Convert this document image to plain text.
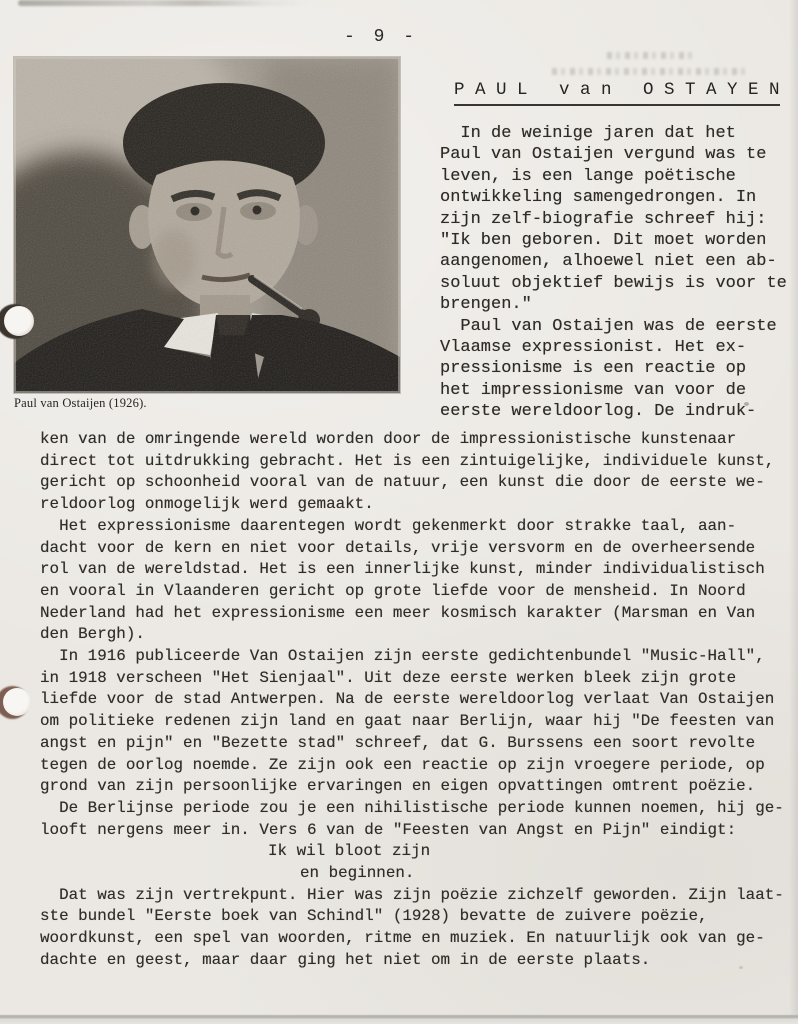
- 9 -
Paul van Ostaijen (1926).
P A U L   v a n   O S T A Y E N
In de weinige jaren dat het
Paul van Ostaijen vergund was te
leven, is een lange poëtische
ontwikkeling samengedrongen. In
zijn zelf-biografie schreef hij:
"Ik ben geboren. Dit moet worden
aangenomen, alhoewel niet een ab-
soluut objektief bewijs is voor te
brengen."
Paul van Ostaijen was de eerste
Vlaamse expressionist. Het ex-
pressionisme is een reactie op
het impressionisme van voor de
eerste wereldoorlog. De indruk-
ken van de omringende wereld worden door de impressionistische kunstenaar
direct tot uitdrukking gebracht. Het is een zintuigelijke, individuele kunst,
gericht op schoonheid vooral van de natuur, een kunst die door de eerste we-
reldoorlog onmogelijk werd gemaakt.
Het expressionisme daarentegen wordt gekenmerkt door strakke taal, aan-
dacht voor de kern en niet voor details, vrije versvorm en de overheersende
rol van de wereldstad. Het is een innerlijke kunst, minder individualistisch
en vooral in Vlaanderen gericht op grote liefde voor de mensheid. In Noord
Nederland had het expressionisme een meer kosmisch karakter (Marsman en Van
den Bergh).
In 1916 publiceerde Van Ostaijen zijn eerste gedichtenbundel "Music-Hall",
in 1918 verscheen "Het Sienjaal". Uit deze eerste werken bleek zijn grote
liefde voor de stad Antwerpen. Na de eerste wereldoorlog verlaat Van Ostaijen
om politieke redenen zijn land en gaat naar Berlijn, waar hij "De feesten van
angst en pijn" en "Bezette stad" schreef, dat G. Burssens een soort revolte
tegen de oorlog noemde. Ze zijn ook een reactie op zijn vroegere periode, op
grond van zijn persoonlijke ervaringen en eigen opvattingen omtrent poëzie.
De Berlijnse periode zou je een nihilistische periode kunnen noemen, hij ge-
looft nergens meer in. Vers 6 van de "Feesten van Angst en Pijn" eindigt:
Ik wil bloot zijn
en beginnen.
Dat was zijn vertrekpunt. Hier was zijn poëzie zichzelf geworden. Zijn laat-
ste bundel "Eerste boek van Schindl" (1928) bevatte de zuivere poëzie,
woordkunst, een spel van woorden, ritme en muziek. En natuurlijk ook van ge-
dachte en geest, maar daar ging het niet om in de eerste plaats.
